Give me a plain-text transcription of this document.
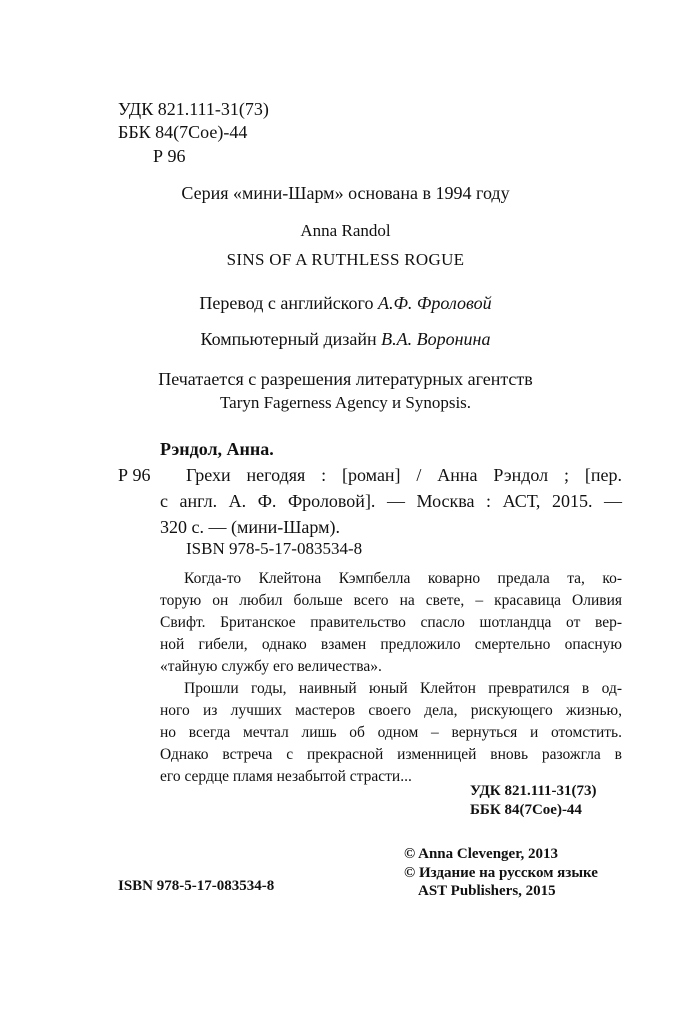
УДК 821.111-31(73)
ББК 84(7Сое)-44
Р 96
Серия «мини-Шарм» основана в 1994 году
Anna Randol
SINS OF A RUTHLESS ROGUE
Перевод с английского А.Ф. Фроловой
Компьютерный дизайн В.А. Воронина
Печатается с разрешения литературных агентств
Taryn Fagerness Agency и Synopsis.
Рэндол, Анна.
Р 96 Грехи негодяя : [роман] / Анна Рэндол ; [пер.
с англ. А. Ф. Фроловой]. — Москва : АСТ, 2015. —
320 с. — (мини-Шарм).
ISBN 978-5-17-083534-8
Когда-то Клейтона Кэмпбелла коварно предала та, ко-
торую он любил больше всего на свете, – красавица Оливия
Свифт. Британское правительство спасло шотландца от вер-
ной гибели, однако взамен предложило смертельно опасную
«тайную службу его величества».
Прошли годы, наивный юный Клейтон превратился в од-
ного из лучших мастеров своего дела, рискующего жизнью,
но всегда мечтал лишь об одном – вернуться и отомстить.
Однако встреча с прекрасной изменницей вновь разожгла в
его сердце пламя незабытой страсти...
УДК 821.111-31(73)
ББК 84(7Сое)-44
© Anna Clevenger, 2013
© Издание на русском языке
AST Publishers, 2015
ISBN 978-5-17-083534-8
